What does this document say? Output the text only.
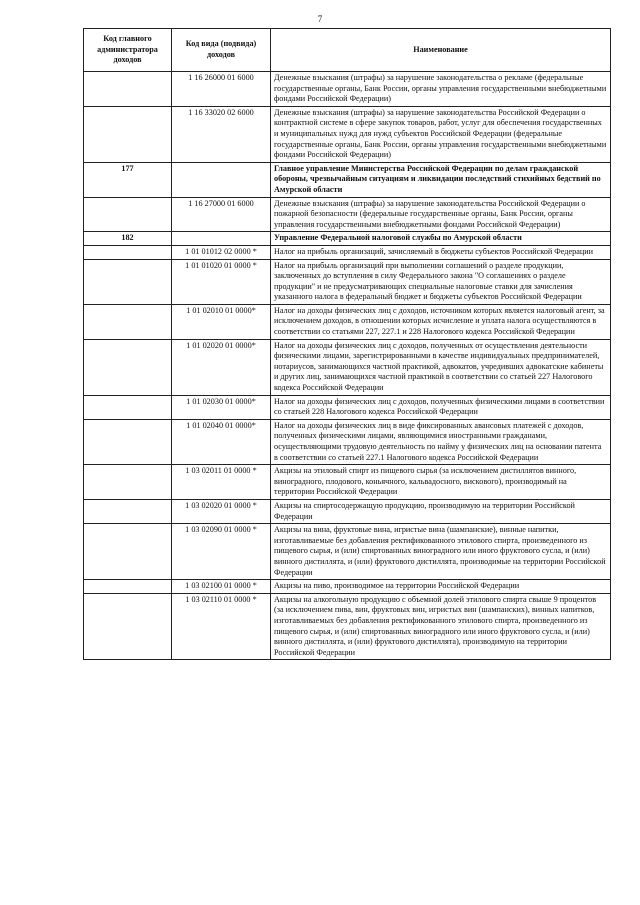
7
Код главного администратора доходов	Код вида (подвида) доходов	Наименование
	1 16 26000 01 6000	Денежные взыскания (штрафы) за нарушение законодательства о рекламе (федеральные государственные органы, Банк России, органы управления государственными внебюджетными фондами Российской Федерации)
	1 16 33020 02 6000	Денежные взыскания (штрафы) за нарушение законодательства Российской Федерации о контрактной системе в сфере закупок товаров, работ, услуг для обеспечения государственных и муниципальных нужд для нужд субъектов Российской Федерации (федеральные государственные органы, Банк России, органы управления государственными внебюджетными фондами Российской Федерации)
177		Главное управление Министерства Российской Федерации по делам гражданской обороны, чрезвычайным ситуациям и ликвидации последствий стихийных бедствий по Амурской области
	1 16 27000 01 6000	Денежные взыскания (штрафы) за нарушение законодательства Российской Федерации о пожарной безопасности (федеральные государственные органы, Банк России, органы управления государственными внебюджетными фондами Российской Федерации)
182		Управление Федеральной налоговой службы по Амурской области
	1 01 01012 02 0000 *	Налог на прибыль организаций, зачисляемый в бюджеты субъектов Российской Федерации
	1 01 01020 01 0000 *	Налог на прибыль организаций при выполнении соглашений о разделе продукции, заключенных до вступления в силу Федерального закона "О соглашениях о разделе продукции" и не предусматривающих специальные налоговые ставки для зачисления указанного налога в федеральный бюджет и бюджеты субъектов Российской Федерации
	1 01 02010 01 0000*	Налог на доходы физических лиц с доходов, источником которых является налоговый агент, за исключением доходов, в отношении которых исчисление и уплата налога осуществляются в соответствии со статьями 227, 227.1 и 228 Налогового кодекса Российской Федерации
	1 01 02020 01 0000*	Налог на доходы физических лиц с доходов, полученных от осуществления деятельности физическими лицами, зарегистрированными в качестве индивидуальных предпринимателей, нотариусов, занимающихся частной практикой, адвокатов, учредивших адвокатские кабинеты и других лиц, занимающихся частной практикой в соответствии со статьей 227 Налогового кодекса Российской Федерации
	1 01 02030 01 0000*	Налог на доходы физических лиц с доходов, полученных физическими лицами в соответствии со статьей 228 Налогового кодекса Российской Федерации
	1 01 02040 01 0000*	Налог на доходы физических лиц в виде фиксированных авансовых платежей с доходов, полученных физическими лицами, являющимися иностранными гражданами, осуществляющими трудовую деятельность по найму у физических лиц на основании патента в соответствии со статьей 227.1 Налогового кодекса Российской Федерации
	1 03 02011 01 0000 *	Акцизы на этиловый спирт из пищевого сырья (за исключением дистиллятов винного, виноградного, плодового, коньячного, кальвадосного, вискового), производимый на территории Российской Федерации
	1 03 02020 01 0000 *	Акцизы на спиртосодержащую продукцию, производимую на территории Российской Федерации
	1 03 02090 01 0000 *	Акцизы на вина, фруктовые вина, игристые вина (шампанские), винные напитки, изготавливаемые без добавления ректификованного этилового спирта, произведенного из пищевого сырья, и (или) спиртованных виноградного или иного фруктового сусла, и (или) винного дистиллята, и (или) фруктового дистиллята, производимые на территории Российской Федерации
	1 03 02100 01 0000 *	Акцизы на пиво, производимое на территории Российской Федерации
	1 03 02110 01 0000 *	Акцизы на алкогольную продукцию с объемной долей этилового спирта свыше 9 процентов (за исключением пива, вин, фруктовых вин, игристых вин (шампанских), винных напитков, изготавливаемых без добавления ректификованного этилового спирта, произведенного из пищевого сырья, и (или) спиртованных виноградного или иного фруктового сусла, и (или) винного дистиллята, и (или) фруктового дистиллята), производимую на территории Российской Федерации
